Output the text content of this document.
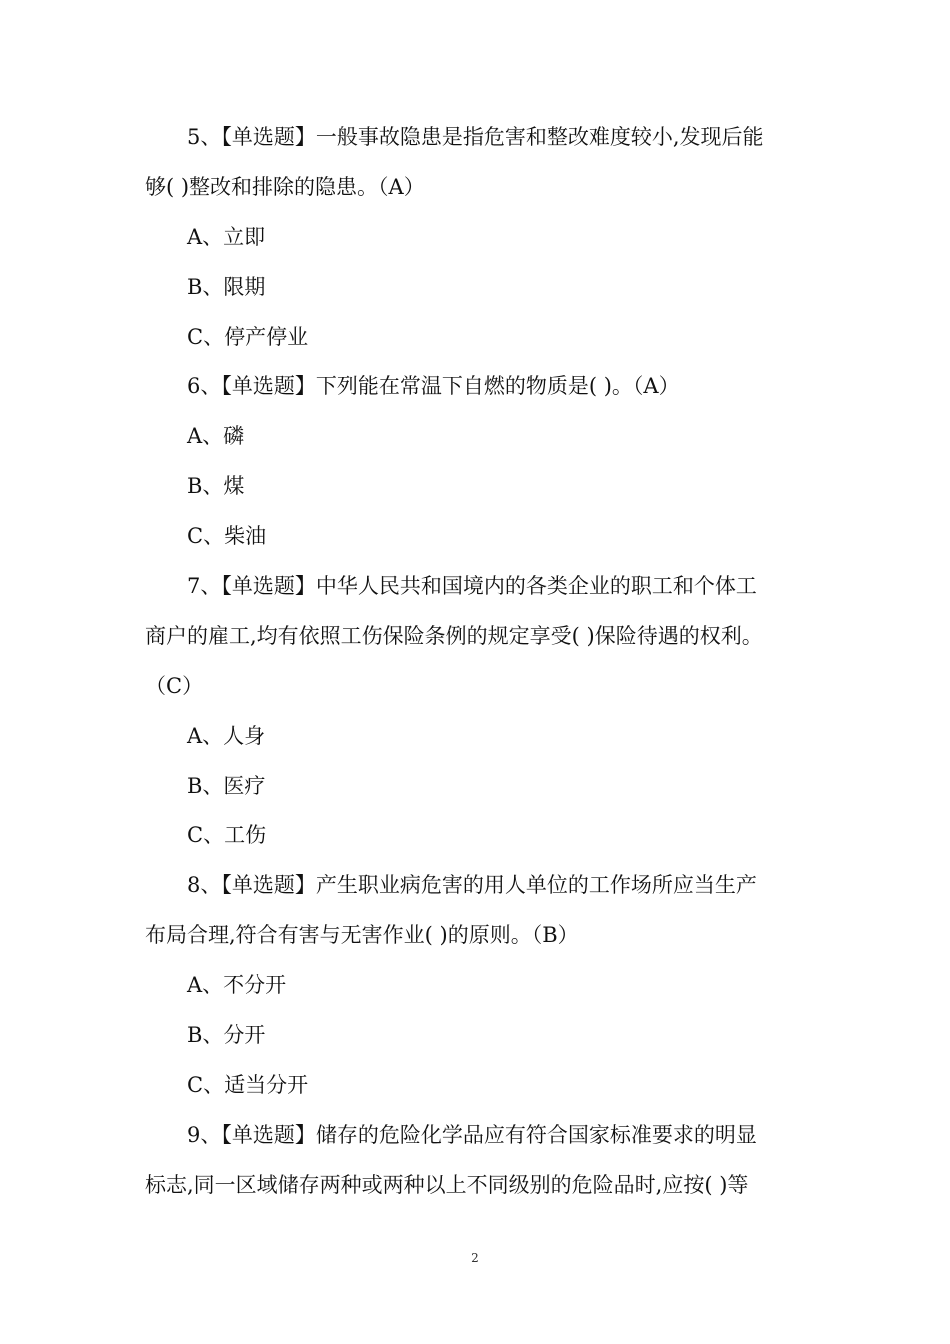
5、【单选题】一般事故隐患是指危害和整改难度较小,发现后能
够( )整改和排除的隐患。（A）
A、立即
B、限期
C、停产停业
6、【单选题】下列能在常温下自燃的物质是( )。（A）
A、磷
B、煤
C、柴油
7、【单选题】中华人民共和国境内的各类企业的职工和个体工
商户的雇工,均有依照工伤保险条例的规定享受( )保险待遇的权利。
（C）
A、人身
B、医疗
C、工伤
8、【单选题】产生职业病危害的用人单位的工作场所应当生产
布局合理,符合有害与无害作业( )的原则。（B）
A、不分开
B、分开
C、适当分开
9、【单选题】储存的危险化学品应有符合国家标准要求的明显
标志,同一区域储存两种或两种以上不同级别的危险品时,应按( )等
2
